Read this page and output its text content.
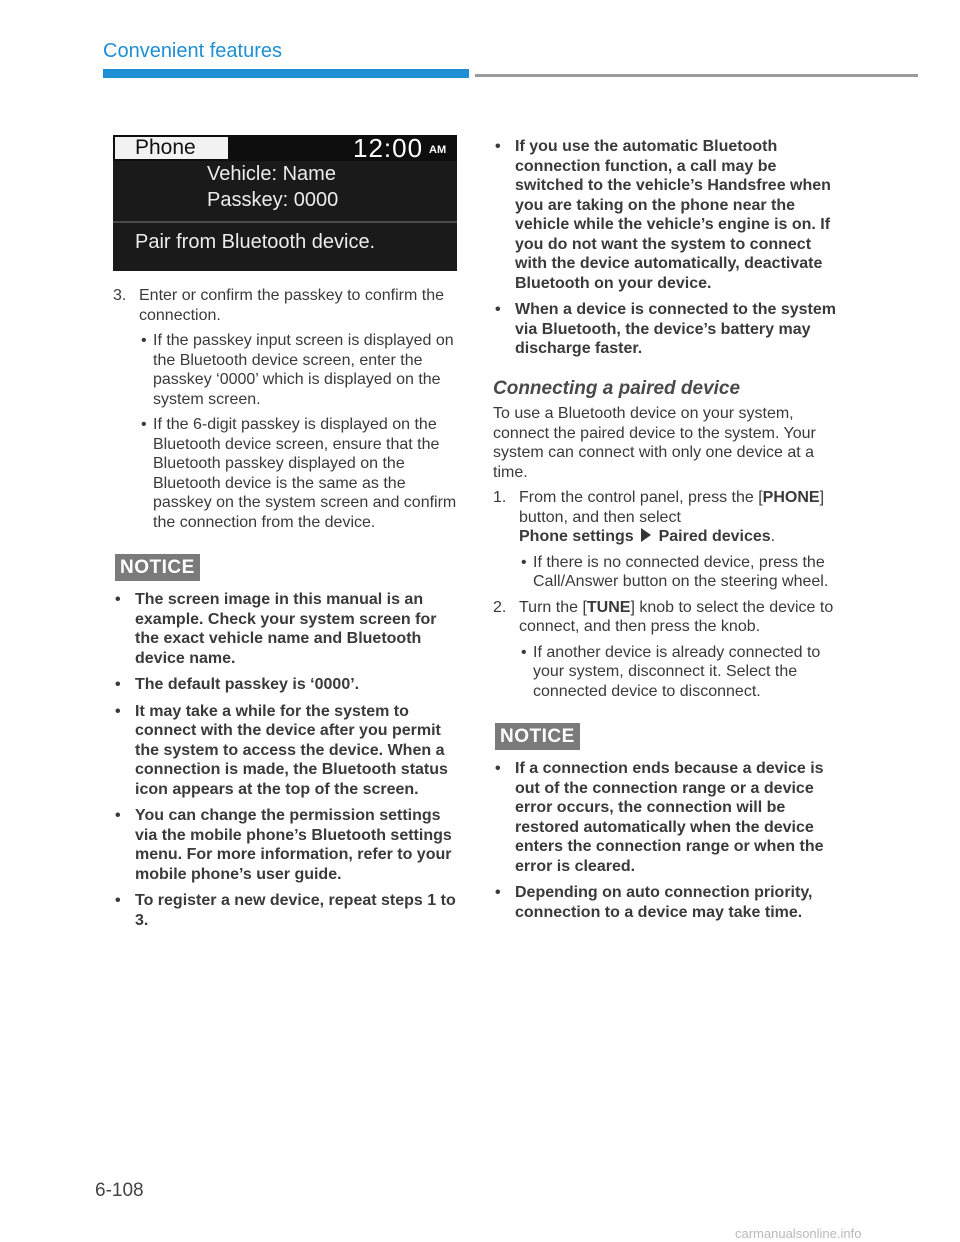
Convenient features
Phone	12:00 AM
Vehicle: Name
Passkey: 0000
Pair from Bluetooth device.
3. Enter or confirm the passkey to confirm the connection.
• If the passkey input screen is displayed on the Bluetooth device screen, enter the passkey ‘0000’ which is displayed on the system screen.
• If the 6-digit passkey is displayed on the Bluetooth device screen, ensure that the Bluetooth passkey displayed on the Bluetooth device is the same as the passkey on the system screen and confirm the connection from the device.
NOTICE
• The screen image in this manual is an example. Check your system screen for the exact vehicle name and Bluetooth device name.
• The default passkey is ‘0000’.
• It may take a while for the system to connect with the device after you permit the system to access the device. When a connection is made, the Bluetooth status icon appears at the top of the screen.
• You can change the permission settings via the mobile phone’s Bluetooth settings menu. For more information, refer to your mobile phone’s user guide.
• To register a new device, repeat steps 1 to 3.
• If you use the automatic Bluetooth connection function, a call may be switched to the vehicle’s Handsfree when you are taking on the phone near the vehicle while the vehicle’s engine is on. If you do not want the system to connect with the device automatically, deactivate Bluetooth on your device.
• When a device is connected to the system via Bluetooth, the device’s battery may discharge faster.

Connecting a paired device

To use a Bluetooth device on your system, connect the paired device to the system. Your system can connect with only one device at a time.

1. From the control panel, press the [PHONE] button, and then select
Phone settings Paired devices.
• If there is no connected device, press the Call/Answer button on the steering wheel.
2. Turn the [TUNE] knob to select the device to connect, and then press the knob.
• If another device is already connected to your system, disconnect it. Select the connected device to disconnect.
NOTICE
• If a connection ends because a device is out of the connection range or a device error occurs, the connection will be restored automatically when the device enters the connection range or when the error is cleared.
• Depending on auto connection priority, connection to a device may take time.
6-108
carmanualsonline.info
